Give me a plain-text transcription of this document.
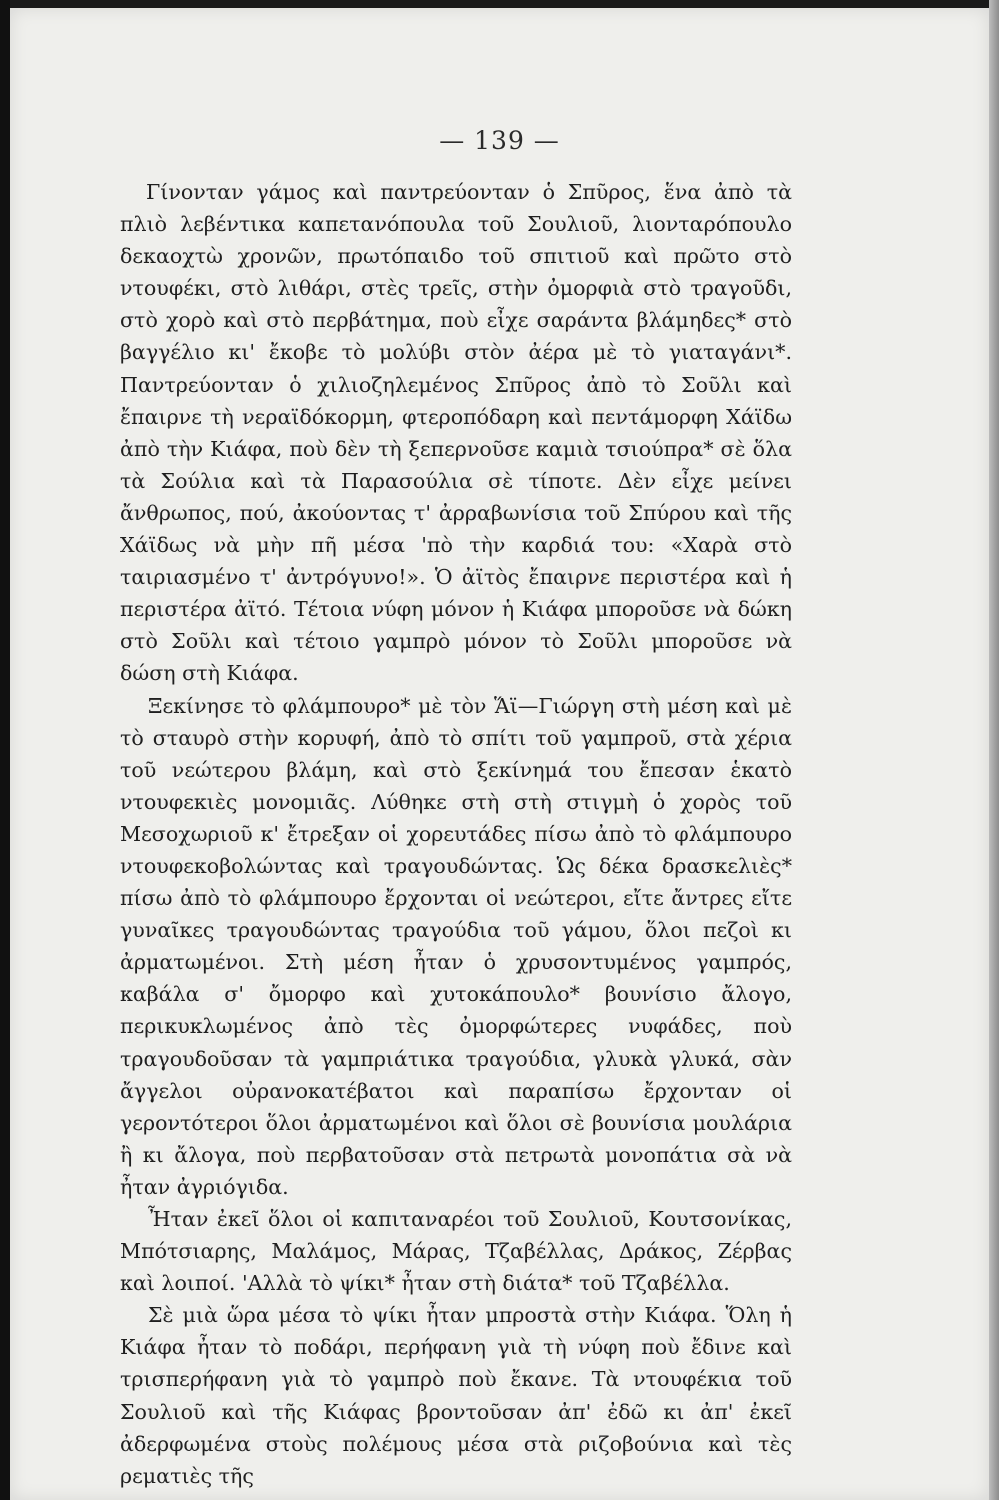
— 139 —

Γίνονταν γάμος καὶ παντρεύονταν ὁ Σπῦρος, ἕνα ἀπὸ τὰ πλιὸ λεβέντικα καπετανόπουλα τοῦ Σουλιοῦ, λιονταρόπουλο δεκαοχτὼ χρονῶν, πρωτόπαιδο τοῦ σπιτιοῦ καὶ πρῶτο στὸ ντουφέκι, στὸ λιθάρι, στὲς τρεῖς, στὴν ὀμορφιὰ στὸ τραγοῦδι, στὸ χορὸ καὶ στὸ περβάτημα, ποὺ εἶχε σαράντα βλάμηδες* στὸ βαγγέλιο κι' ἔκοβε τὸ μολύβι στὸν ἀέρα μὲ τὸ γιαταγάνι*. Παντρεύονταν ὁ χιλιοζηλεμένος Σπῦρος ἀπὸ τὸ Σοῦλι καὶ ἔπαιρνε τὴ νεραϊδόκορμη, φτεροπόδαρη καὶ πεντάμορφη Χάϊδω ἀπὸ τὴν Κιάφα, ποὺ δὲν τὴ ξεπερνοῦσε καμιὰ τσιούπρα* σὲ ὅλα τὰ Σούλια καὶ τὰ Παρασούλια σὲ τίποτε. Δὲν εἶχε μείνει ἄνθρωπος, πού, ἀκούοντας τ' ἀρραβωνίσια τοῦ Σπύρου καὶ τῆς Χάϊδως νὰ μὴν πῆ μέσα 'πὸ τὴν καρδιά του: «Χαρὰ στὸ ταιριασμένο τ' ἀντρόγυνο!». Ὁ ἀϊτὸς ἔπαιρνε περιστέρα καὶ ἡ περιστέρα ἀϊτό. Τέτοια νύφη μόνον ἡ Κιάφα μποροῦσε νὰ δώκη στὸ Σοῦλι καὶ τέτοιο γαμπρὸ μόνον τὸ Σοῦλι μποροῦσε νὰ δώση στὴ Κιάφα.

Ξεκίνησε τὸ φλάμπουρο* μὲ τὸν Ἅϊ—Γιώργη στὴ μέση καὶ μὲ τὸ σταυρὸ στὴν κορυφή, ἀπὸ τὸ σπίτι τοῦ γαμπροῦ, στὰ χέρια τοῦ νεώτερου βλάμη, καὶ στὸ ξεκίνημά του ἔπεσαν ἑκατὸ ντουφεκιὲς μονομιᾶς. Λύθηκε στὴ στὴ στιγμὴ ὁ χορὸς τοῦ Μεσοχωριοῦ κ' ἔτρεξαν οἱ χορευτάδες πίσω ἀπὸ τὸ φλάμπουρο ντουφεκοβολώντας καὶ τραγουδώντας. Ὡς δέκα δρασκελιὲς* πίσω ἀπὸ τὸ φλάμπουρο ἔρχονται οἱ νεώτεροι, εἴτε ἄντρες εἴτε γυναῖκες τραγουδώντας τραγούδια τοῦ γάμου, ὅλοι πεζοὶ κι ἀρματωμένοι. Στὴ μέση ἦταν ὁ χρυσοντυμένος γαμπρός, καβάλα σ' ὄμορφο καὶ χυτοκάπουλο* βουνίσιο ἄλογο, περικυκλωμένος ἀπὸ τὲς ὀμορφώτερες νυφάδες, ποὺ τραγουδοῦσαν τὰ γαμπριάτικα τραγούδια, γλυκὰ γλυκά, σὰν ἄγγελοι οὐρανοκατέβατοι καὶ παραπίσω ἔρχονταν οἱ γεροντότεροι ὅλοι ἀρματωμένοι καὶ ὅλοι σὲ βουνίσια μουλάρια ἢ κι ἄλογα, ποὺ περβατοῦσαν στὰ πετρωτὰ μονοπάτια σὰ νὰ ἦταν ἀγριόγιδα.

Ἦταν ἐκεῖ ὅλοι οἱ καπιταναρέοι τοῦ Σουλιοῦ, Κουτσονίκας, Μπότσιαρης, Μαλάμος, Μάρας, Τζαβέλλας, Δράκος, Ζέρβας καὶ λοιποί. 'Αλλὰ τὸ ψίκι* ἦταν στὴ διάτα* τοῦ Τζαβέλλα.

Σὲ μιὰ ὥρα μέσα τὸ ψίκι ἦταν μπροστὰ στὴν Κιάφα. Ὅλη ἡ Κιάφα ἦταν τὸ ποδάρι, περήφανη γιὰ τὴ νύφη ποὺ ἔδινε καὶ τρισπερήφανη γιὰ τὸ γαμπρὸ ποὺ ἔκανε. Τὰ ντουφέκια τοῦ Σουλιοῦ καὶ τῆς Κιάφας βροντοῦσαν ἀπ' ἐδῶ κι ἀπ' ἐκεῖ ἀδερφωμένα στοὺς πολέμους μέσα στὰ ριζοβούνια καὶ τὲς ρεματιὲς τῆς
